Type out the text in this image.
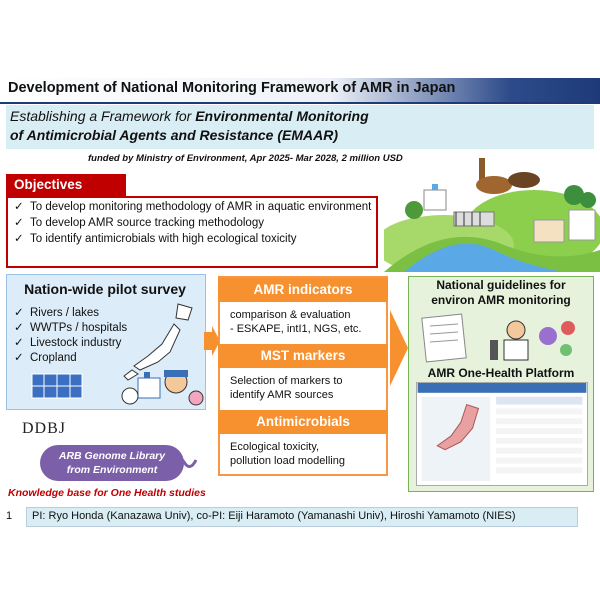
Development of National Monitoring Framework of AMR in Japan
Establishing a Framework for Environmental Monitoring
of Antimicrobial Agents and Resistance (EMAAR)
funded by Ministry of Environment, Apr 2025- Mar 2028, 2 million USD
Objectives
✓ To develop monitoring methodology of AMR in aquatic environment
✓ To develop AMR source tracking methodology
✓ To identify antimicrobials with high ecological toxicity
Nation-wide pilot survey
✓ Rivers / lakes
✓ WWTPs / hospitals
✓ Livestock industry
✓ Cropland
DDBJ
ARB Genome Library
from Environment
Knowledge base for One Health studies
AMR indicators
comparison & evaluation
- ESKAPE, intI1, NGS, etc.
MST markers
Selection of markers to
identify AMR sources
Antimicrobials
Ecological toxicity,
pollution load modelling
National guidelines for
environ AMR monitoring
AMR One-Health Platform
1 PI: Ryo Honda (Kanazawa Univ), co-PI: Eiji Haramoto (Yamanashi Univ), Hiroshi Yamamoto (NIES)
